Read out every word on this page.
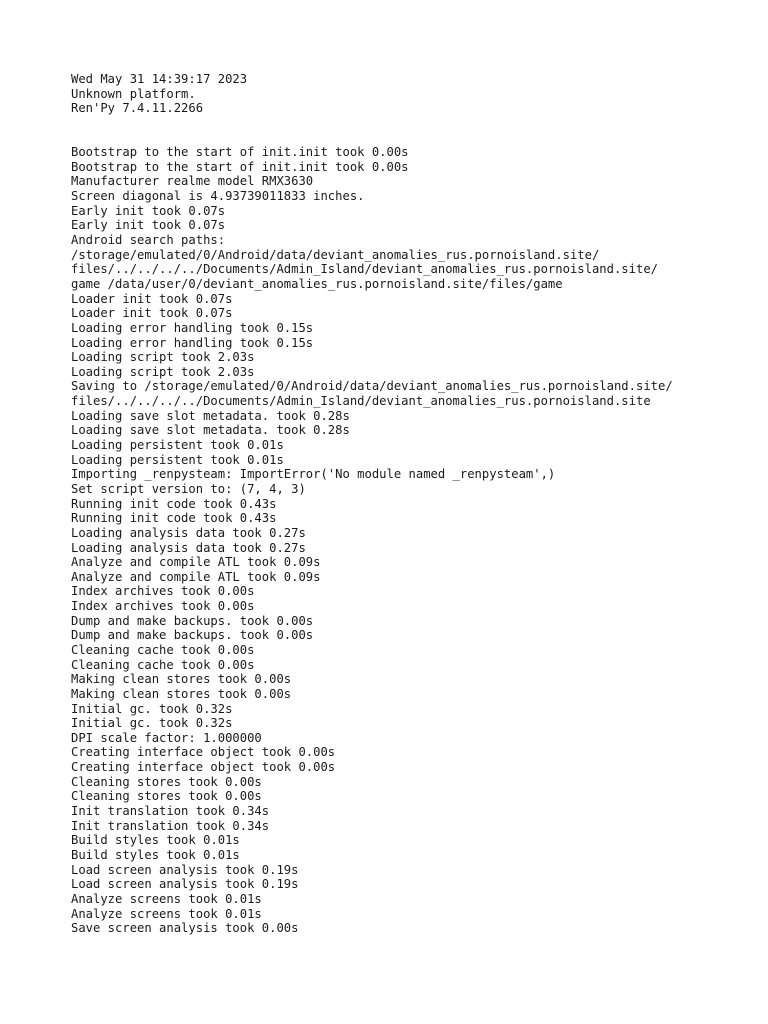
Wed May 31 14:39:17 2023
Unknown platform.
Ren'Py 7.4.11.2266
Bootstrap to the start of init.init took 0.00s
Bootstrap to the start of init.init took 0.00s
Manufacturer realme model RMX3630
Screen diagonal is 4.93739011833 inches.
Early init took 0.07s
Early init took 0.07s
Android search paths:
/storage/emulated/0/Android/data/deviant_anomalies_rus.pornoisland.site/
files/../../../../Documents/Admin_Island/deviant_anomalies_rus.pornoisland.site/
game /data/user/0/deviant_anomalies_rus.pornoisland.site/files/game
Loader init took 0.07s
Loader init took 0.07s
Loading error handling took 0.15s
Loading error handling took 0.15s
Loading script took 2.03s
Loading script took 2.03s
Saving to /storage/emulated/0/Android/data/deviant_anomalies_rus.pornoisland.site/
files/../../../../Documents/Admin_Island/deviant_anomalies_rus.pornoisland.site
Loading save slot metadata. took 0.28s
Loading save slot metadata. took 0.28s
Loading persistent took 0.01s
Loading persistent took 0.01s
Importing _renpysteam: ImportError('No module named _renpysteam',)
Set script version to: (7, 4, 3)
Running init code took 0.43s
Running init code took 0.43s
Loading analysis data took 0.27s
Loading analysis data took 0.27s
Analyze and compile ATL took 0.09s
Analyze and compile ATL took 0.09s
Index archives took 0.00s
Index archives took 0.00s
Dump and make backups. took 0.00s
Dump and make backups. took 0.00s
Cleaning cache took 0.00s
Cleaning cache took 0.00s
Making clean stores took 0.00s
Making clean stores took 0.00s
Initial gc. took 0.32s
Initial gc. took 0.32s
DPI scale factor: 1.000000
Creating interface object took 0.00s
Creating interface object took 0.00s
Cleaning stores took 0.00s
Cleaning stores took 0.00s
Init translation took 0.34s
Init translation took 0.34s
Build styles took 0.01s
Build styles took 0.01s
Load screen analysis took 0.19s
Load screen analysis took 0.19s
Analyze screens took 0.01s
Analyze screens took 0.01s
Save screen analysis took 0.00s
